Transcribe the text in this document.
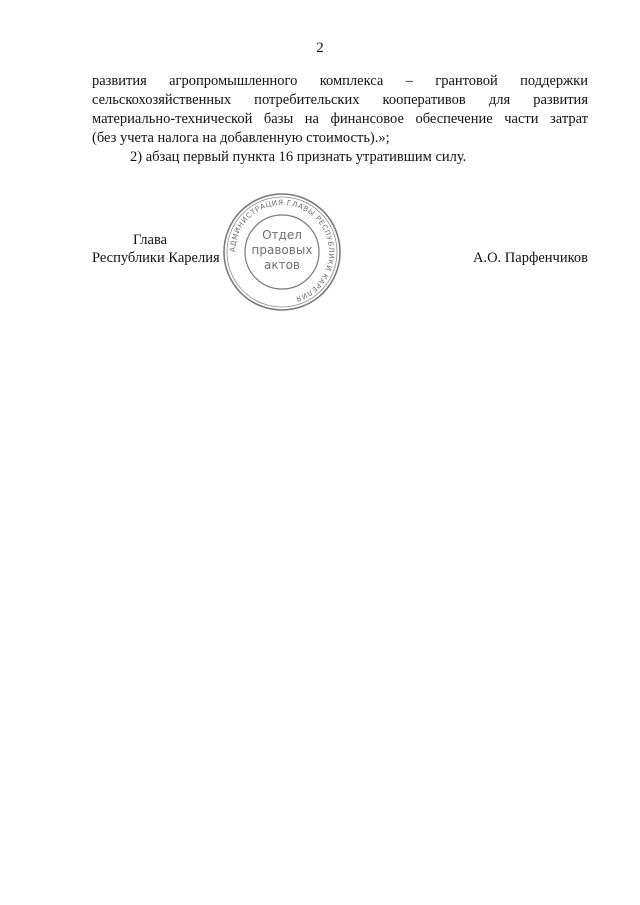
2

развития агропромышленного комплекса – грантовой поддержки

сельскохозяйственных потребительских кооперативов для развития

материально-технической базы на финансовое обеспечение части затрат

(без учета налога на добавленную стоимость).»;

2) абзац первый пункта 16 признать утратившим силу.

АДМИНИСТРАЦИЯ ГЛАВЫ РЕСПУБЛИКИ КАРЕЛИЯ
Отдел
правовых
актов
Глава
Республики Карелия	А.О. Парфенчиков
